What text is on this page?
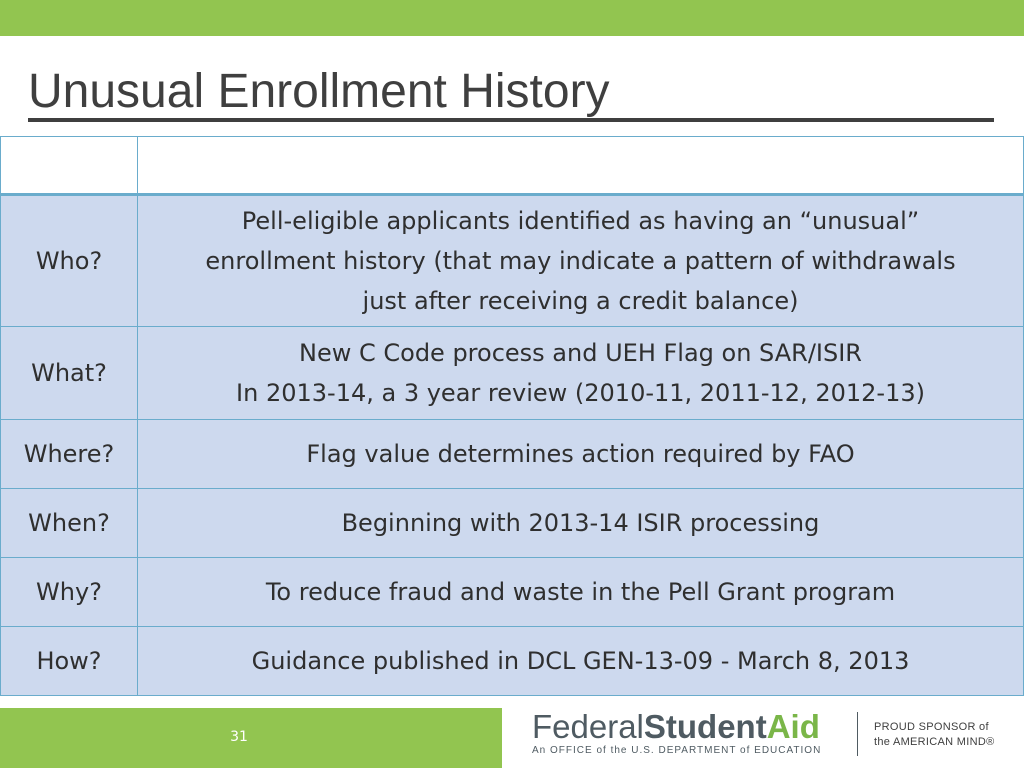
Unusual Enrollment History

Who?	Pell-eligible applicants identified as having an “unusual”
enrollment history (that may indicate a pattern of withdrawals
just after receiving a credit balance)

What?	New C Code process and UEH Flag on SAR/ISIR
In 2013-14, a 3 year review (2010-11, 2011-12, 2012-13)

Where?	Flag value determines action required by FAO

When?	Beginning with 2013-14 ISIR processing

Why?	To reduce fraud and waste in the Pell Grant program

How?	Guidance published in DCL GEN-13-09 - March 8, 2013
31	FederalStudentAid
An OFFICE of the U.S. DEPARTMENT of EDUCATION
PROUD SPONSOR of
the AMERICAN MIND®
